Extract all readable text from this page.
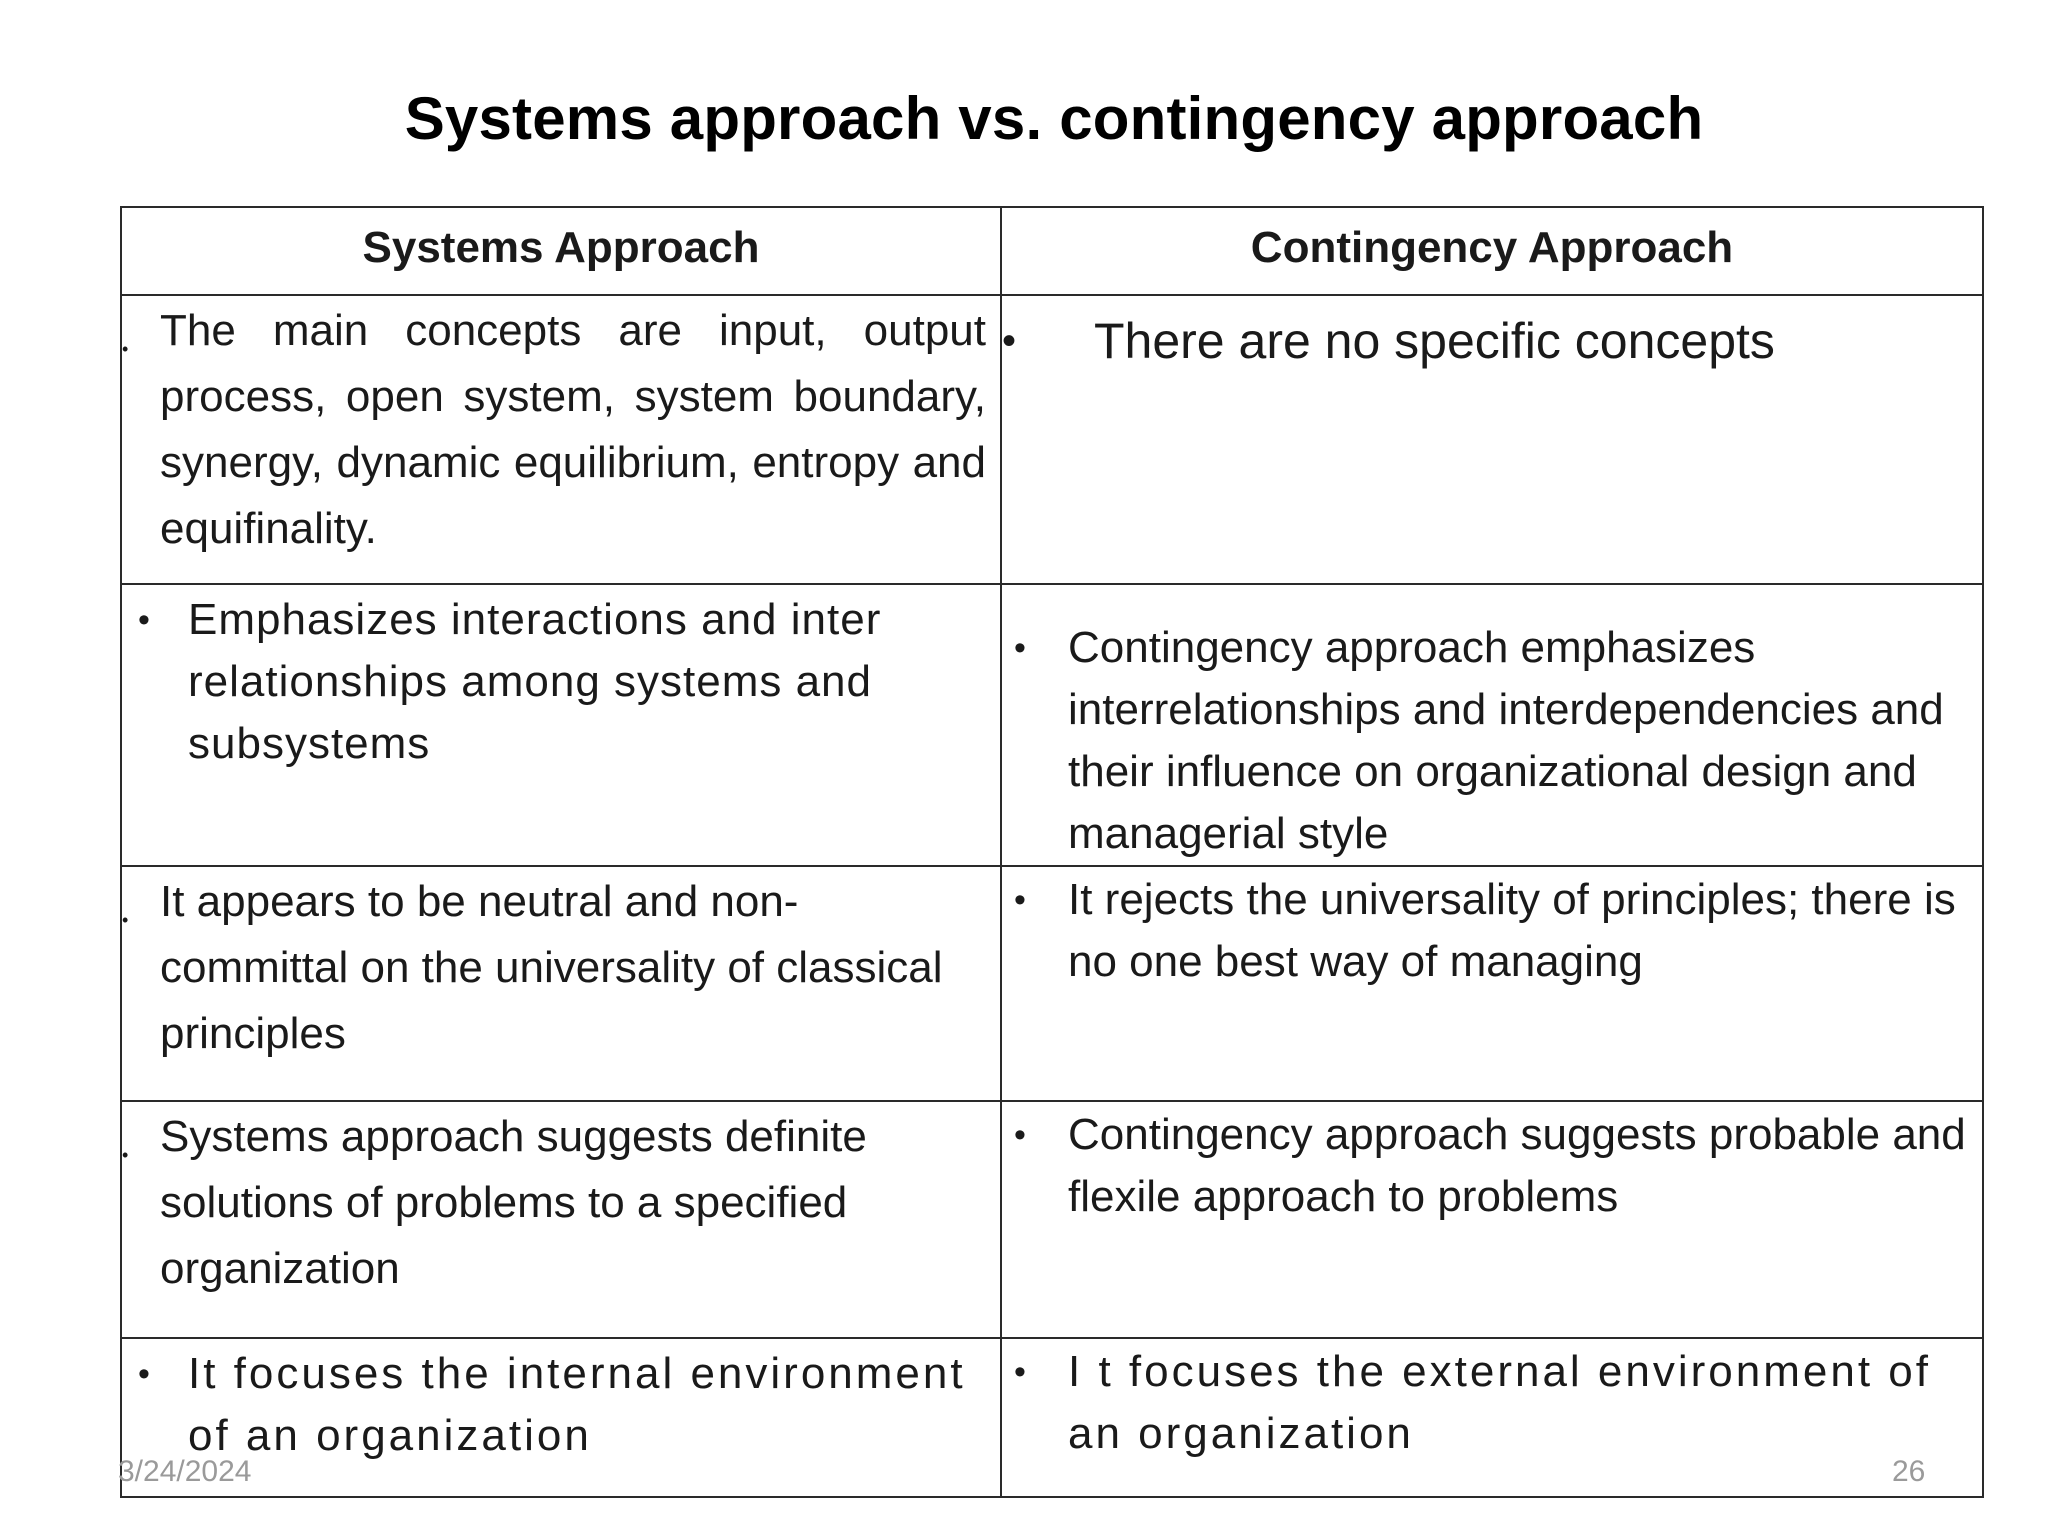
Systems approach vs. contingency approach
Systems Approach	Contingency Approach

• The main concepts are input, output process, open system, system boundary, synergy, dynamic equilibrium, entropy and equifinality.	• There are no specific concepts

• Emphasizes interactions and inter relationships among systems and subsystems	• Contingency approach emphasizes interrelationships and interdependencies and their influence on organizational design and managerial style

• It appears to be neutral and non-committal on the universality of classical principles	• It rejects the universality of principles; there is no one best way of managing

• Systems approach suggests definite solutions of problems to a specified organization	• Contingency approach suggests probable and flexile approach to problems

• It focuses the internal environment of an organization	• I t focuses the external environment of an organization
3/24/2024	26
